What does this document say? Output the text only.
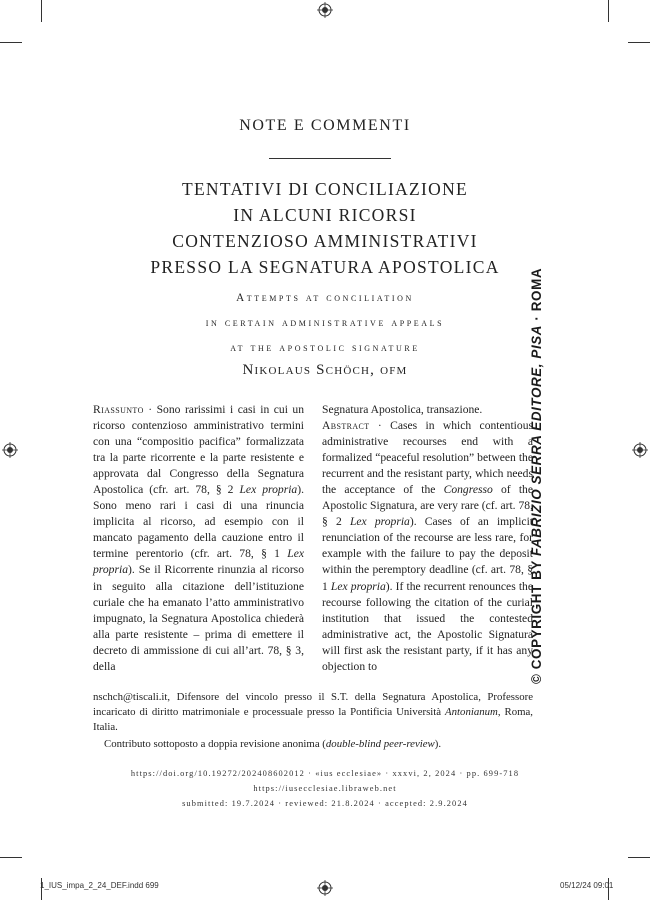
NOTE E COMMENTI
TENTATIVI DI CONCILIAZIONE
IN ALCUNI RICORSI
CONTENZIOSO AMMINISTRATIVI
PRESSO LA SEGNATURA APOSTOLICA
Attempts at conciliation
in certain administrative appeals
at the apostolic signature
Nikolaus Schöch, ofm
Riassunto · Sono rarissimi i casi in cui un ricorso contenzioso amministrativo termini con una “compositio pacifica” formalizzata tra la parte ricorrente e la parte resistente e approvata dal Congresso della Segnatura Apostolica (cfr. art. 78, § 2 Lex propria). Sono meno rari i casi di una rinuncia implicita al ricorso, ad esempio con il mancato pagamento della cauzione entro il termine perentorio (cfr. art. 78, § 1 Lex propria). Se il Ricorrente rinunzia al ricorso in seguito alla citazione dell’istituzione curiale che ha emanato l’atto amministrativo impugnato, la Segnatura Apostolica chiederà alla parte resistente – prima di emettere il decreto di ammissione di cui all’art. 78, § 3, della
Segnatura Apostolica, transazione.
Abstract · Cases in which contentious administrative recourses end with a formalized “peaceful resolution” between the recurrent and the resistant party, which needs the acceptance of the Congresso of the Apostolic Signatura, are very rare (cf. art. 78, § 2 Lex propria). Cases of an implicit renunciation of the recourse are less rare, for example with the failure to pay the deposit within the peremptory deadline (cf. art. 78, § 1 Lex propria). If the recurrent renounces the recourse following the citation of the curial institution that issued the contested administrative act, the Apostolic Signatura will first ask the resistant party, if it has any objection to
nschch@tiscali.it, Difensore del vincolo presso il S.T. della Segnatura Apostolica, Professore incaricato di diritto matrimoniale e processuale presso la Pontificia Università Antonianum, Roma, Italia.
Contributo sottoposto a doppia revisione anonima (double-blind peer-review).
https://doi.org/10.19272/202408602012 · «ius ecclesiae» · xxxvi, 2, 2024 · pp. 699-718
https://iusecclesiae.libraweb.net
submitted: 19.7.2024 · reviewed: 21.8.2024 · accepted: 2.9.2024
© COPYRIGHT BY FABRIZIO SERRA EDITORE, PISA · ROMA
1_IUS_impa_2_24_DEF.indd 699	05/12/24 09:01
